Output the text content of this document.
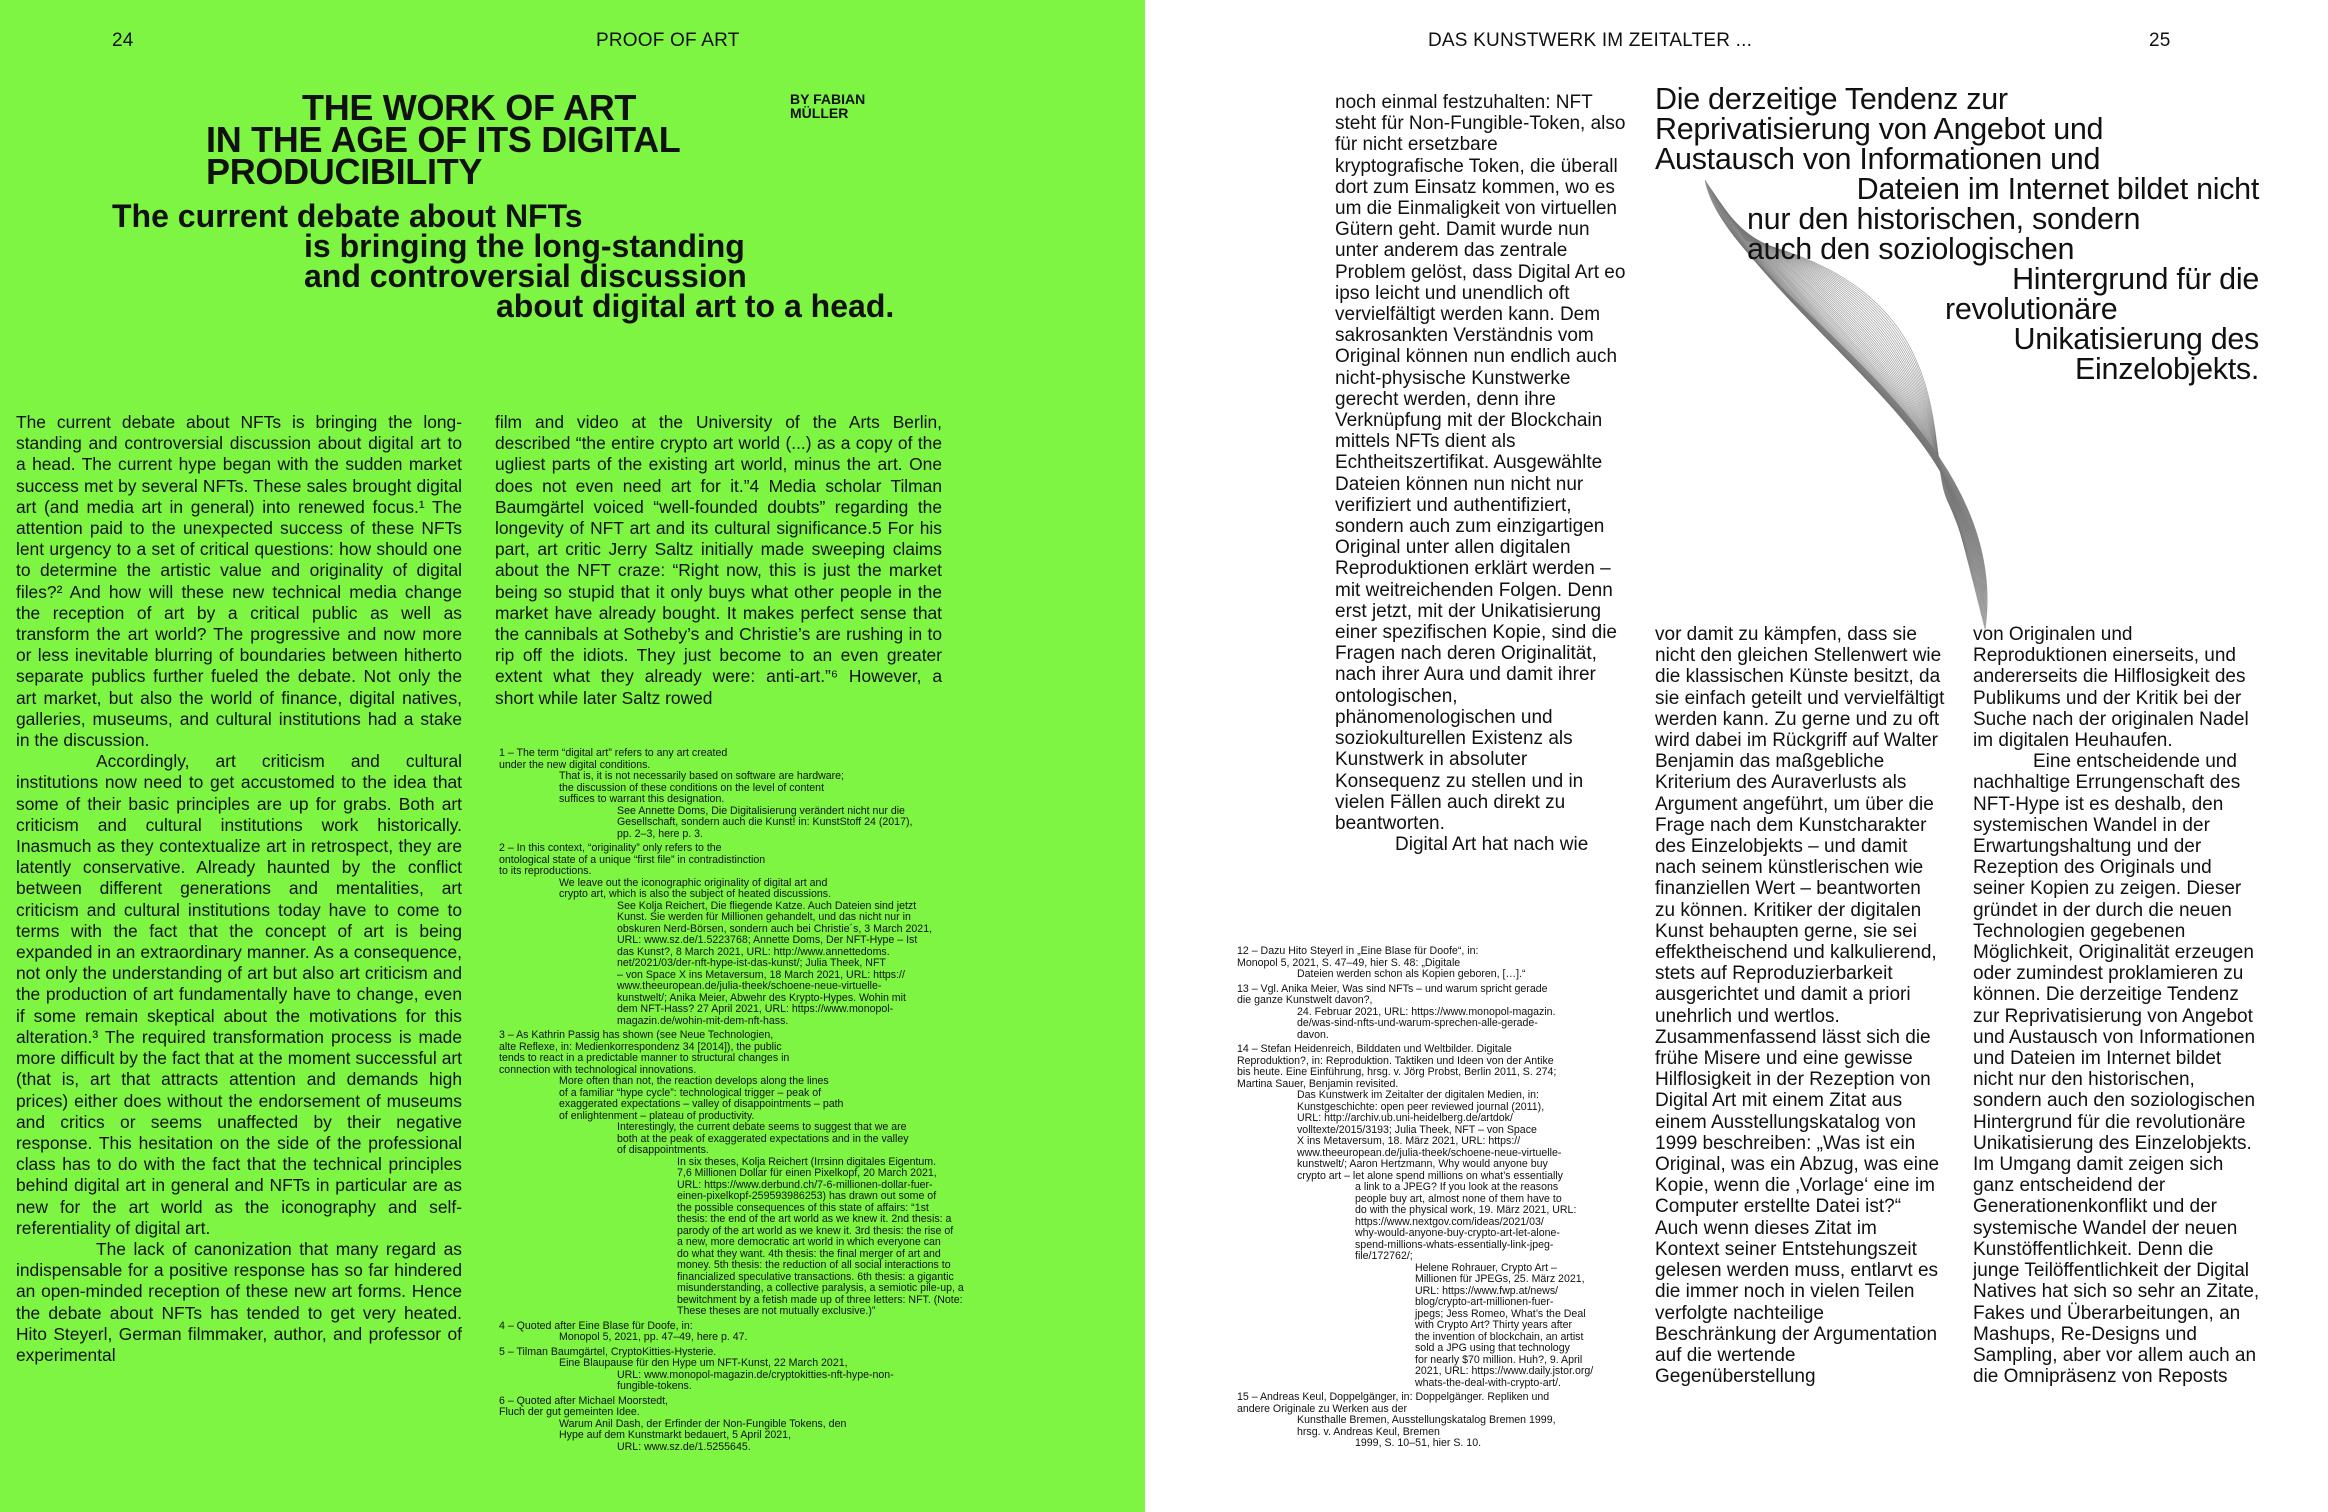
24	PROOF OF ART
THE WORK OF ART
IN THE AGE OF ITS DIGITAL
PRODUCIBILITY
BY FABIAN
MÜLLER
The current debate about NFTs
is bringing the long-standing
and controversial discussion
about digital art to a head.

The current debate about NFTs is bringing the long-standing and controversial discussion about digital art to a head. The current hype began with the sudden market success met by several NFTs. These sales brought digital art (and media art in general) into renewed focus.¹ The attention paid to the unexpected success of these NFTs lent urgency to a set of critical questions: how should one to determine the artistic value and originality of digital files?² And how will these new technical media change the reception of art by a critical public as well as transform the art world? The progressive and now more or less inevitable blurring of boundaries between hitherto separate publics further fueled the debate. Not only the art market, but also the world of finance, digital natives, galleries, museums, and cultural institutions had a stake in the discussion.

Accordingly, art criticism and cultural institutions now need to get accustomed to the idea that some of their basic principles are up for grabs. Both art criticism and cultural institutions work historically. Inasmuch as they contextualize art in retrospect, they are latently conservative. Already haunted by the conflict between different generations and mentalities, art criticism and cultural institutions today have to come to terms with the fact that the concept of art is being expanded in an extraordinary manner. As a consequence, not only the understanding of art but also art criticism and the production of art fundamentally have to change, even if some remain skeptical about the motivations for this alteration.³ The required transformation process is made more difficult by the fact that at the moment successful art (that is, art that attracts attention and demands high prices) either does without the endorsement of museums and critics or seems unaffected by their negative response. This hesitation on the side of the professional class has to do with the fact that the technical principles behind digital art in general and NFTs in particular are as new for the art world as the iconography and self-referentiality of digital art.

The lack of canonization that many regard as indispensable for a positive response has so far hindered an open-minded reception of these new art forms. Hence the debate about NFTs has tended to get very heated. Hito Steyerl, German filmmaker, author, and professor of experimental

film and video at the University of the Arts Berlin, described “the entire crypto art world (...) as a copy of the ugliest parts of the existing art world, minus the art. One does not even need art for it.”4 Media scholar Tilman Baumgärtel voiced “well-founded doubts” regarding the longevity of NFT art and its cultural significance.5 For his part, art critic Jerry Saltz initially made sweeping claims about the NFT craze: “Right now, this is just the market being so stupid that it only buys what other people in the market have already bought. It makes perfect sense that the cannibals at Sotheby’s and Christie’s are rushing in to rip off the idiots. They just become to an even greater extent what they already were: anti-art.”⁶ However, a short while later Saltz rowed

1 – The term “digital art” refers to any art created
under the new digital conditions.
That is, it is not necessarily based on software are hardware;
the discussion of these conditions on the level of content
suffices to warrant this designation.
See Annette Doms, Die Digitalisierung verändert nicht nur die
Gesellschaft, sondern auch die Kunst! in: KunstStoff 24 (2017),
pp. 2–3, here p. 3.
2 – In this context, “originality” only refers to the
ontological state of a unique “first file” in contradistinction
to its reproductions.
We leave out the iconographic originality of digital art and
crypto art, which is also the subject of heated discussions.
See Kolja Reichert, Die fliegende Katze. Auch Dateien sind jetzt
Kunst. Sie werden für Millionen gehandelt, und das nicht nur in
obskuren Nerd-Börsen, sondern auch bei Christie´s, 3 March 2021,
URL: www.sz.de/1.5223768; Annette Doms, Der NFT-Hype – Ist
das Kunst?, 8 March 2021, URL: http://www.annettedoms.
net/2021/03/der-nft-hype-ist-das-kunst/; Julia Theek, NFT
– von Space X ins Metaversum, 18 March 2021, URL: https://
www.theeuropean.de/julia-theek/schoene-neue-virtuelle-
kunstwelt/; Anika Meier, Abwehr des Krypto-Hypes. Wohin mit
dem NFT-Hass? 27 April 2021, URL: https://www.monopol-
magazin.de/wohin-mit-dem-nft-hass.
3 – As Kathrin Passig has shown (see Neue Technologien,
alte Reflexe, in: Medienkorrespondenz 34 [2014]), the public
tends to react in a predictable manner to structural changes in
connection with technological innovations.
More often than not, the reaction develops along the lines
of a familiar “hype cycle”: technological trigger – peak of
exaggerated expectations – valley of disappointments – path
of enlightenment – plateau of productivity.
Interestingly, the current debate seems to suggest that we are
both at the peak of exaggerated expectations and in the valley
of disappointments.
In six theses, Kolja Reichert (Irrsinn digitales Eigentum.
7,6 Millionen Dollar für einen Pixelkopf, 20 March 2021,
URL: https://www.derbund.ch/7-6-millionen-dollar-fuer-
einen-pixelkopf-259593986253) has drawn out some of
the possible consequences of this state of affairs: “1st
thesis: the end of the art world as we knew it. 2nd thesis: a
parody of the art world as we knew it. 3rd thesis: the rise of
a new, more democratic art world in which everyone can
do what they want. 4th thesis: the final merger of art and
money. 5th thesis: the reduction of all social interactions to
financialized speculative transactions. 6th thesis: a gigantic
misunderstanding, a collective paralysis, a semiotic pile-up, a
bewitchment by a fetish made up of three letters: NFT. (Note:
These theses are not mutually exclusive.)”
4 – Quoted after Eine Blase für Doofe, in:
Monopol 5, 2021, pp. 47–49, here p. 47.
5 – Tilman Baumgärtel, CryptoKitties-Hysterie.
Eine Blaupause für den Hype um NFT-Kunst, 22 March 2021,
URL: www.monopol-magazin.de/cryptokitties-nft-hype-non-
fungible-tokens.
6 – Quoted after Michael Moorstedt,
Fluch der gut gemeinten Idee.
Warum Anil Dash, der Erfinder der Non-Fungible Tokens, den
Hype auf dem Kunstmarkt bedauert, 5 April 2021,
URL: www.sz.de/1.5255645.
DAS KUNSTWERK IM ZEITALTER ...	25
Die derzeitige Tendenz zur
Reprivatisierung von Angebot und
Austausch von Informationen und
Dateien im Internet bildet nicht
nur den historischen, sondern
auch den soziologischen
Hintergrund für die
revolutionäre
Unikatisierung des
Einzelobjekts.

noch einmal festzuhalten: NFT steht für Non-Fungible-Token, also für nicht ersetzbare kryptografische Token, die überall dort zum Einsatz kommen, wo es um die Einmaligkeit von virtuellen Gütern geht. Damit wurde nun unter anderem das zentrale Problem gelöst, dass Digital Art eo ipso leicht und unendlich oft vervielfältigt werden kann. Dem sakrosankten Verständnis vom Original können nun endlich auch nicht-physische Kunstwerke gerecht werden, denn ihre Verknüpfung mit der Blockchain mittels NFTs dient als Echtheitszertifikat. Ausgewählte Dateien können nun nicht nur verifiziert und authentifiziert, sondern auch zum einzigartigen Original unter allen digitalen Reproduktionen erklärt werden – mit weitreichenden Folgen. Denn erst jetzt, mit der Unikatisierung einer spezifischen Kopie, sind die Fragen nach deren Originalität, nach ihrer Aura und damit ihrer ontologischen, phänomenologischen und soziokulturellen Existenz als Kunstwerk in absoluter Konsequenz zu stellen und in vielen Fällen auch direkt zu beantworten.

Digital Art hat nach wie

12 – Dazu Hito Steyerl in „Eine Blase für Doofe“, in:
Monopol 5, 2021, S. 47–49, hier S. 48: „Digitale
Dateien werden schon als Kopien geboren, […].“
13 – Vgl. Anika Meier, Was sind NFTs – und warum spricht gerade
die ganze Kunstwelt davon?,
24. Februar 2021, URL: https://www.monopol-magazin.
de/was-sind-nfts-und-warum-sprechen-alle-gerade-
davon.
14 – Stefan Heidenreich, Bilddaten und Weltbilder. Digitale
Reproduktion?, in: Reproduktion. Taktiken und Ideen von der Antike
bis heute. Eine Einführung, hrsg. v. Jörg Probst, Berlin 2011, S. 274;
Martina Sauer, Benjamin revisited.
Das Kunstwerk im Zeitalter der digitalen Medien, in:
Kunstgeschichte: open peer reviewed journal (2011),
URL: http://archiv.ub.uni-heidelberg.de/artdok/
volltexte/2015/3193; Julia Theek, NFT – von Space
X ins Metaversum, 18. März 2021, URL: https://
www.theeuropean.de/julia-theek/schoene-neue-virtuelle-
kunstwelt/; Aaron Hertzmann, Why would anyone buy
crypto art – let alone spend millions on what’s essentially
a link to a JPEG? If you look at the reasons
people buy art, almost none of them have to
do with the physical work, 19. März 2021, URL:
https://www.nextgov.com/ideas/2021/03/
why-would-anyone-buy-crypto-art-let-alone-
spend-millions-whats-essentially-link-jpeg-
file/172762/;
Helene Rohrauer, Crypto Art –
Millionen für JPEGs, 25. März 2021,
URL: https://www.fwp.at/news/
blog/crypto-art-millionen-fuer-
jpegs; Jess Romeo, What’s the Deal
with Crypto Art? Thirty years after
the invention of blockchain, an artist
sold a JPG using that technology
for nearly $70 million. Huh?, 9. April
2021, URL: https://www.daily.jstor.org/
whats-the-deal-with-crypto-art/.
15 – Andreas Keul, Doppelgänger, in: Doppelgänger. Repliken und
andere Originale zu Werken aus der
Kunsthalle Bremen, Ausstellungskatalog Bremen 1999,
hrsg. v. Andreas Keul, Bremen
1999, S. 10–51, hier S. 10.

vor damit zu kämpfen, dass sie nicht den gleichen Stellenwert wie die klassischen Künste besitzt, da sie einfach geteilt und vervielfältigt werden kann. Zu gerne und zu oft wird dabei im Rückgriff auf Walter Benjamin das maßgebliche Kriterium des Auraverlusts als Argument angeführt, um über die Frage nach dem Kunstcharakter des Einzelobjekts – und damit nach seinem künstlerischen wie finanziellen Wert – beantworten zu können. Kritiker der digitalen Kunst behaupten gerne, sie sei effektheischend und kalkulierend, stets auf Reproduzierbarkeit ausgerichtet und damit a priori unehrlich und wertlos. Zusammenfassend lässt sich die frühe Misere und eine gewisse Hilflosigkeit in der Rezeption von Digital Art mit einem Zitat aus einem Ausstellungskatalog von 1999 beschreiben: „Was ist ein Original, was ein Abzug, was eine Kopie, wenn die ‚Vorlage‘ eine im Computer erstellte Datei ist?“ Auch wenn dieses Zitat im Kontext seiner Entstehungszeit gelesen werden muss, entlarvt es die immer noch in vielen Teilen verfolgte nachteilige Beschränkung der Argumentation auf die wertende Gegenüberstellung

von Originalen und Reproduktionen einerseits, und andererseits die Hilflosigkeit des Publikums und der Kritik bei der Suche nach der originalen Nadel im digitalen Heuhaufen.

Eine entscheidende und nachhaltige Errungenschaft des NFT-Hype ist es deshalb, den systemischen Wandel in der Erwartungshaltung und der Rezeption des Originals und seiner Kopien zu zeigen. Dieser gründet in der durch die neuen Technologien gegebenen Möglichkeit, Originalität erzeugen oder zumindest proklamieren zu können. Die derzeitige Tendenz zur Reprivatisierung von Angebot und Austausch von Informationen und Dateien im Internet bildet nicht nur den historischen, sondern auch den soziologischen Hintergrund für die revolutionäre Unikatisierung des Einzelobjekts. Im Umgang damit zeigen sich ganz entscheidend der Generationenkonflikt und der systemische Wandel der neuen Kunstöffentlichkeit. Denn die junge Teilöffentlichkeit der Digital Natives hat sich so sehr an Zitate, Fakes und Überarbeitungen, an Mashups, Re-Designs und Sampling, aber vor allem auch an die Omnipräsenz von Reposts
